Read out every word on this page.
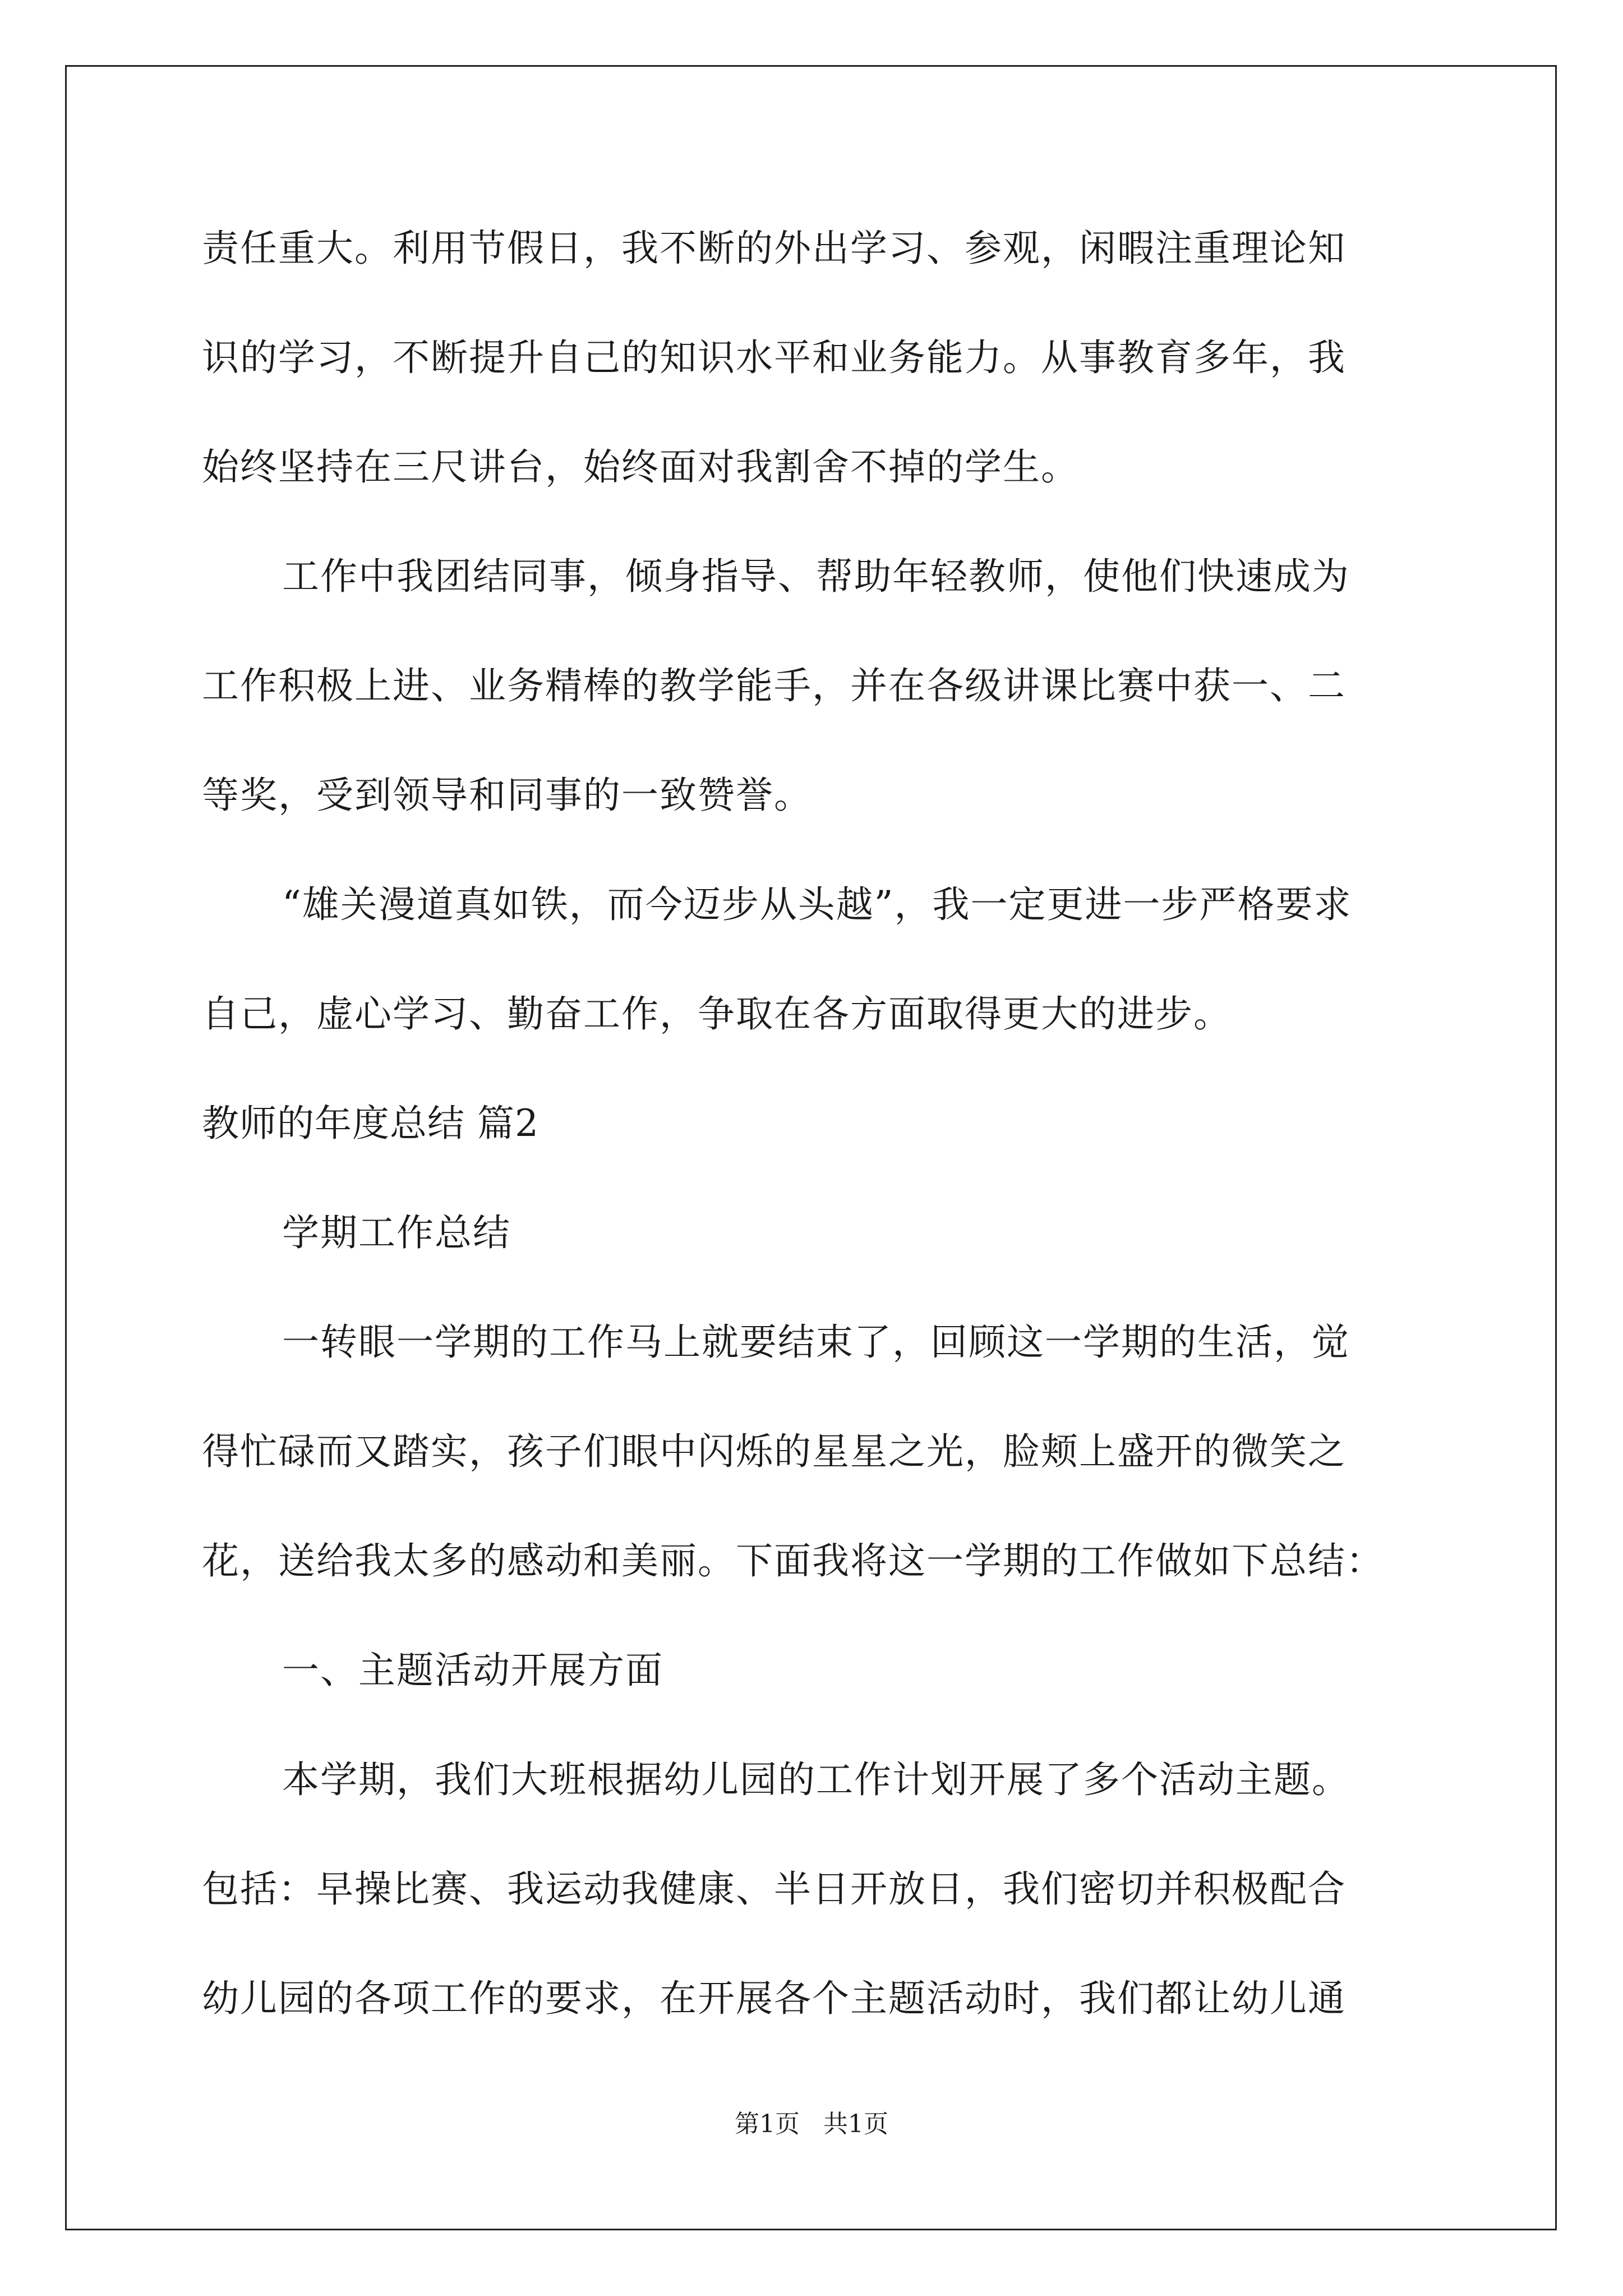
责任重大。利用节假日，我不断的外出学习、参观，闲暇注重理论知
识的学习，不断提升自己的知识水平和业务能力。从事教育多年，我
始终坚持在三尺讲台，始终面对我割舍不掉的学生。
工作中我团结同事，倾身指导、帮助年轻教师，使他们快速成为
工作积极上进、业务精棒的教学能手，并在各级讲课比赛中获一、二
等奖，受到领导和同事的一致赞誉。
“雄关漫道真如铁，而今迈步从头越”，我一定更进一步严格要求
自己，虚心学习、勤奋工作，争取在各方面取得更大的进步。
教师的年度总结 篇2
学期工作总结
一转眼一学期的工作马上就要结束了，回顾这一学期的生活，觉
得忙碌而又踏实，孩子们眼中闪烁的星星之光，脸颊上盛开的微笑之
花，送给我太多的感动和美丽。下面我将这一学期的工作做如下总结：
一、主题活动开展方面
本学期，我们大班根据幼儿园的工作计划开展了多个活动主题。
包括：早操比赛、我运动我健康、半日开放日，我们密切并积极配合
幼儿园的各项工作的要求，在开展各个主题活动时，我们都让幼儿通
第1页   共1页
